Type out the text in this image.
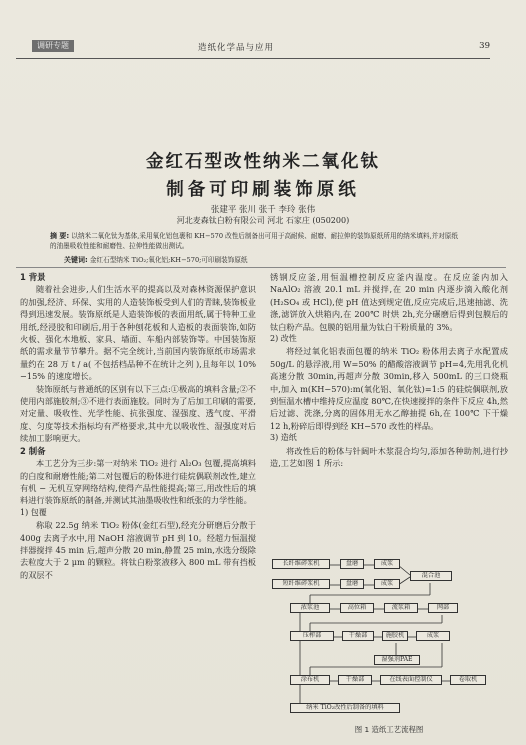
调研专题	造纸化学品与应用	39
金红石型改性纳米二氧化钛
制备可印刷装饰原纸
张建平 张川 张千 李玲 张伟
河北麦森钛白粉有限公司 河北 石家庄 (050200)
摘 要: 以纳米二氧化钛为基体,采用氧化铝包裹和 KH−570 改性后制备出可用于高耐候、耐磨、耐拉伸的装饰原纸所用的纳米填料,并对原纸的油墨吸收性能和耐磨性、拉伸性能做出测试。
关键词: 金红石型纳米 TiO₂;氧化铝;KH−570;可印刷装饰原纸

1 背景

随着社会进步,人们生活水平的提高以及对森林资源保护意识的加强,经济、环保、实用的人造装饰板受到人们的青睐,装饰板业得到迅速发展。装饰原纸是人造装饰板的表面用纸,属于特种工业用纸,经浸胶和印刷后,用于各种刨花板和人造板的表面装饰,如防火板、强化木地板、家具、墙面、车船内部装饰等。中国装饰原纸的需求量节节攀升。据不完全统计,当前国内装饰原纸市场需求量约在 28 万 t / a( 不包括档品种不在统计之列 ),且每年以 10%−15% 的速度增长。

装饰原纸与普通纸的区别有以下三点:①极高的填料含量;②不使用内部施胶剂;③不进行表面施胶。同时为了后加工印刷的需要,对定量、吸收性、光学性能、抗张强度、湿强度、透气度、平滑度、匀度等技术指标均有严格要求,其中尤以吸收性、湿强度对后续加工影响更大。

2 制备

本工艺分为三步:第一对纳米 TiO₂ 进行 Al₂O₃ 包覆,提高填料的白度和耐磨性能;第二对包覆后的粉体进行硅烷偶联剂改性,建立有机 − 无机互穿网络结构,使得产品性能提高;第三,用改性后的填料进行装饰原纸的制备,并测试其油墨吸收性和纸张的力学性能。

1) 包覆

称取 22.5g 纳米 TiO₂ 粉体(金红石型),经充分研磨后分散于 400g 去离子水中,用 NaOH 溶液调节 pH 到 10。经超力恒温搅拌器搅拌 45 min 后,超声分散 20 min,静置 25 min,水选分级除去粒度大于 2 μm 的颗粒。将钛白粉浆液移入 800 mL 带有挡板的双层不

锈钢反应釜,用恒温槽控制反应釜内温度。在反应釜内加入 NaAlO₂ 溶液 20.1 mL 并搅拌,在 20 min 内逐步滴入酸化剂(H₂SO₄ 或 HCl),使 pH 值达到规定值,反应完成后,迅速抽滤、洗涤,滤饼放入烘箱内,在 200℃ 时烘 2h,充分碾磨后得到包膜后的钛白粉产品。包膜的铝用量为钛白干粉质量的 3%。

2) 改性

将经过氧化铝表面包覆的纳米 TiO₂ 粉体用去离子水配置成 50g/L 的悬浮液,用 W=50% 的醋酸溶液调节 pH=4,先用乳化机高速分散 30min,再超声分散 30min,移入 500mL 的三口烧瓶中,加入 m(KH−570):m(氧化铝、氧化钛)=1:5 的硅烷偶联剂,放到恒温水槽中维持反应温度 80℃,在快速搅拌的条件下反应 4h,然后过滤、洗涤,分离的固体用无水乙醇抽提 6h,在 100℃ 下干燥 12 h,粉碎后即得到经 KH−570 改性的样品。

3) 造纸

将改性后的粉体与针阔叶木浆混合均匀,添加各种助剂,进行抄造,工艺如图 1 所示:

长纤维碎浆机	盘磨	成浆
短纤维碎浆机	盘磨	成浆
混合池
浓浆池	高位箱	流浆箱	网部
压榨部	干燥部	施胶机	成浆
湿强剂PAE
涂布机	干燥部	在线表面控制仪	卷取机
纳米 TiO₂改性后制备的填料
图 1 造纸工艺流程图
